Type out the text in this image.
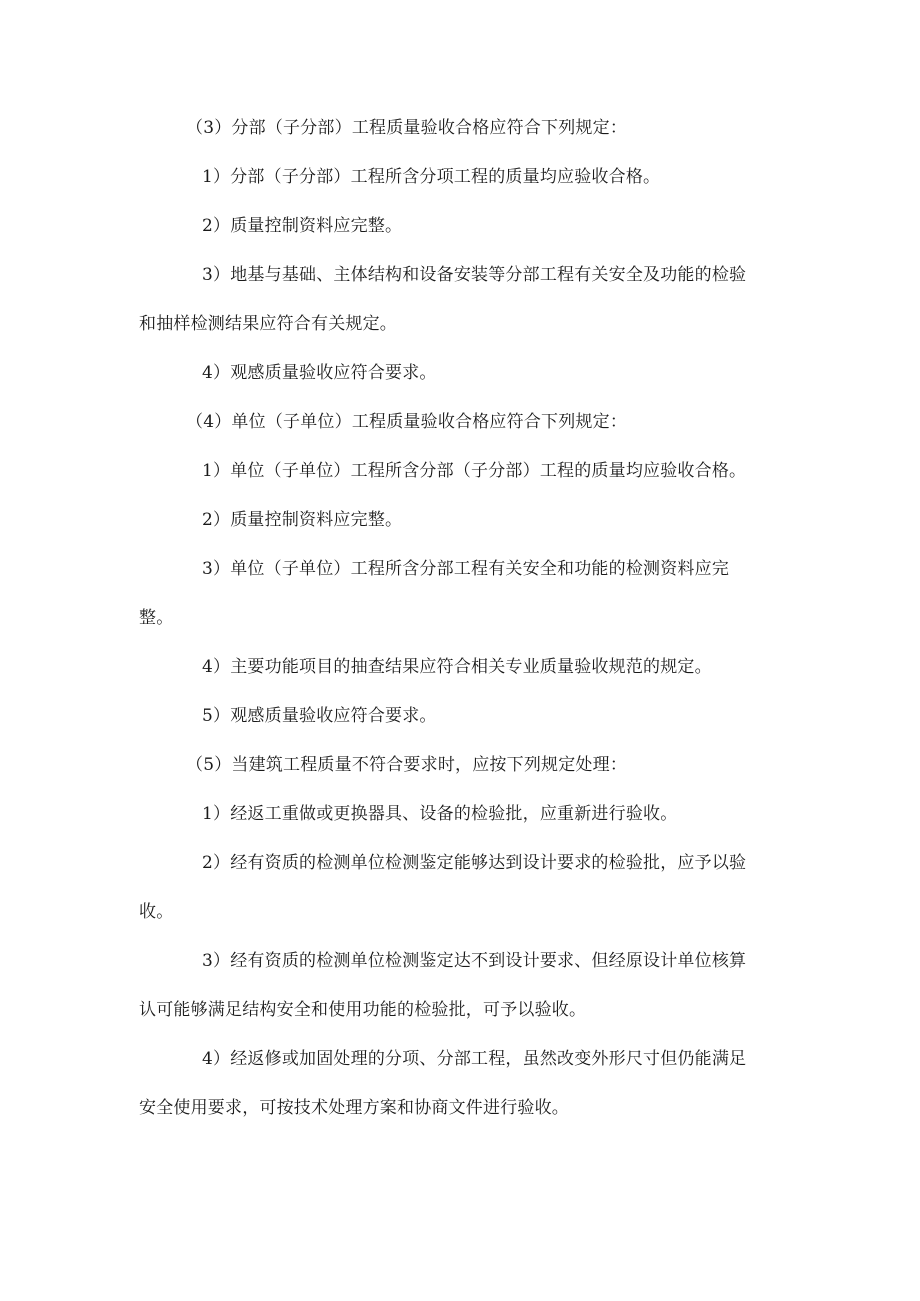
（3）分部（子分部）工程质量验收合格应符合下列规定：
1）分部（子分部）工程所含分项工程的质量均应验收合格。
2）质量控制资料应完整。
3）地基与基础、主体结构和设备安装等分部工程有关安全及功能的检验
和抽样检测结果应符合有关规定。
4）观感质量验收应符合要求。
（4）单位（子单位）工程质量验收合格应符合下列规定：
1）单位（子单位）工程所含分部（子分部）工程的质量均应验收合格。
2）质量控制资料应完整。
3）单位（子单位）工程所含分部工程有关安全和功能的检测资料应完
整。
4）主要功能项目的抽查结果应符合相关专业质量验收规范的规定。
5）观感质量验收应符合要求。
（5）当建筑工程质量不符合要求时，应按下列规定处理：
1）经返工重做或更换器具、设备的检验批，应重新进行验收。
2）经有资质的检测单位检测鉴定能够达到设计要求的检验批，应予以验
收。
3）经有资质的检测单位检测鉴定达不到设计要求、但经原设计单位核算
认可能够满足结构安全和使用功能的检验批，可予以验收。
4）经返修或加固处理的分项、分部工程，虽然改变外形尺寸但仍能满足
安全使用要求，可按技术处理方案和协商文件进行验收。
